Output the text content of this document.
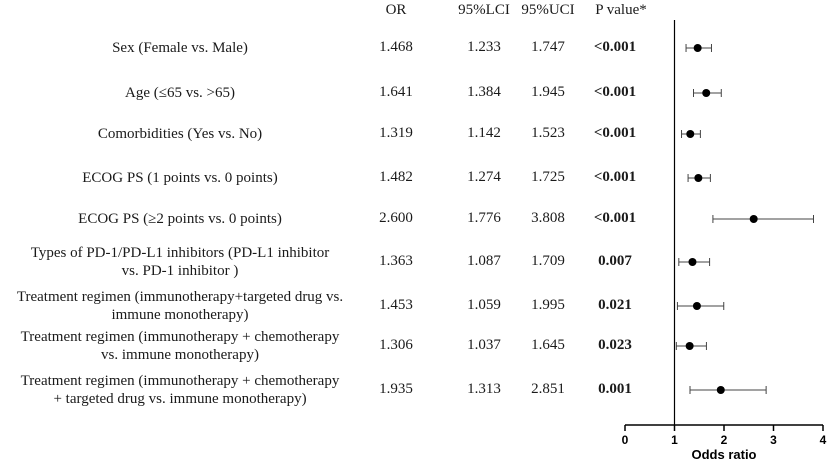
OR	95%LCI 95%UCI	P value*
Sex (Female vs. Male)	1.468	1.233	1.747	<0.001
Age (≤65 vs. >65)	1.641	1.384	1.945	<0.001
Comorbidities (Yes vs. No)	1.319	1.142	1.523	<0.001
ECOG PS (1 points vs. 0 points)	1.482	1.274	1.725	<0.001
ECOG PS (≥2 points vs. 0 points)	2.600	1.776	3.808	<0.001
Types of PD-1/PD-L1 inhibitors (PD-L1 inhibitor
vs. PD-1 inhibitor )
1.363	1.087	1.709	0.007
Treatment regimen (immunotherapy+targeted drug vs.
immune monotherapy)
1.453	1.059	1.995	0.021
Treatment regimen (immunotherapy + chemotherapy
vs. immune monotherapy)
1.306	1.037	1.645	0.023
Treatment regimen (immunotherapy + chemotherapy
+ targeted drug vs. immune monotherapy)
1.935	1.313	2.851	0.001
0	1	2	3	4
Odds ratio
